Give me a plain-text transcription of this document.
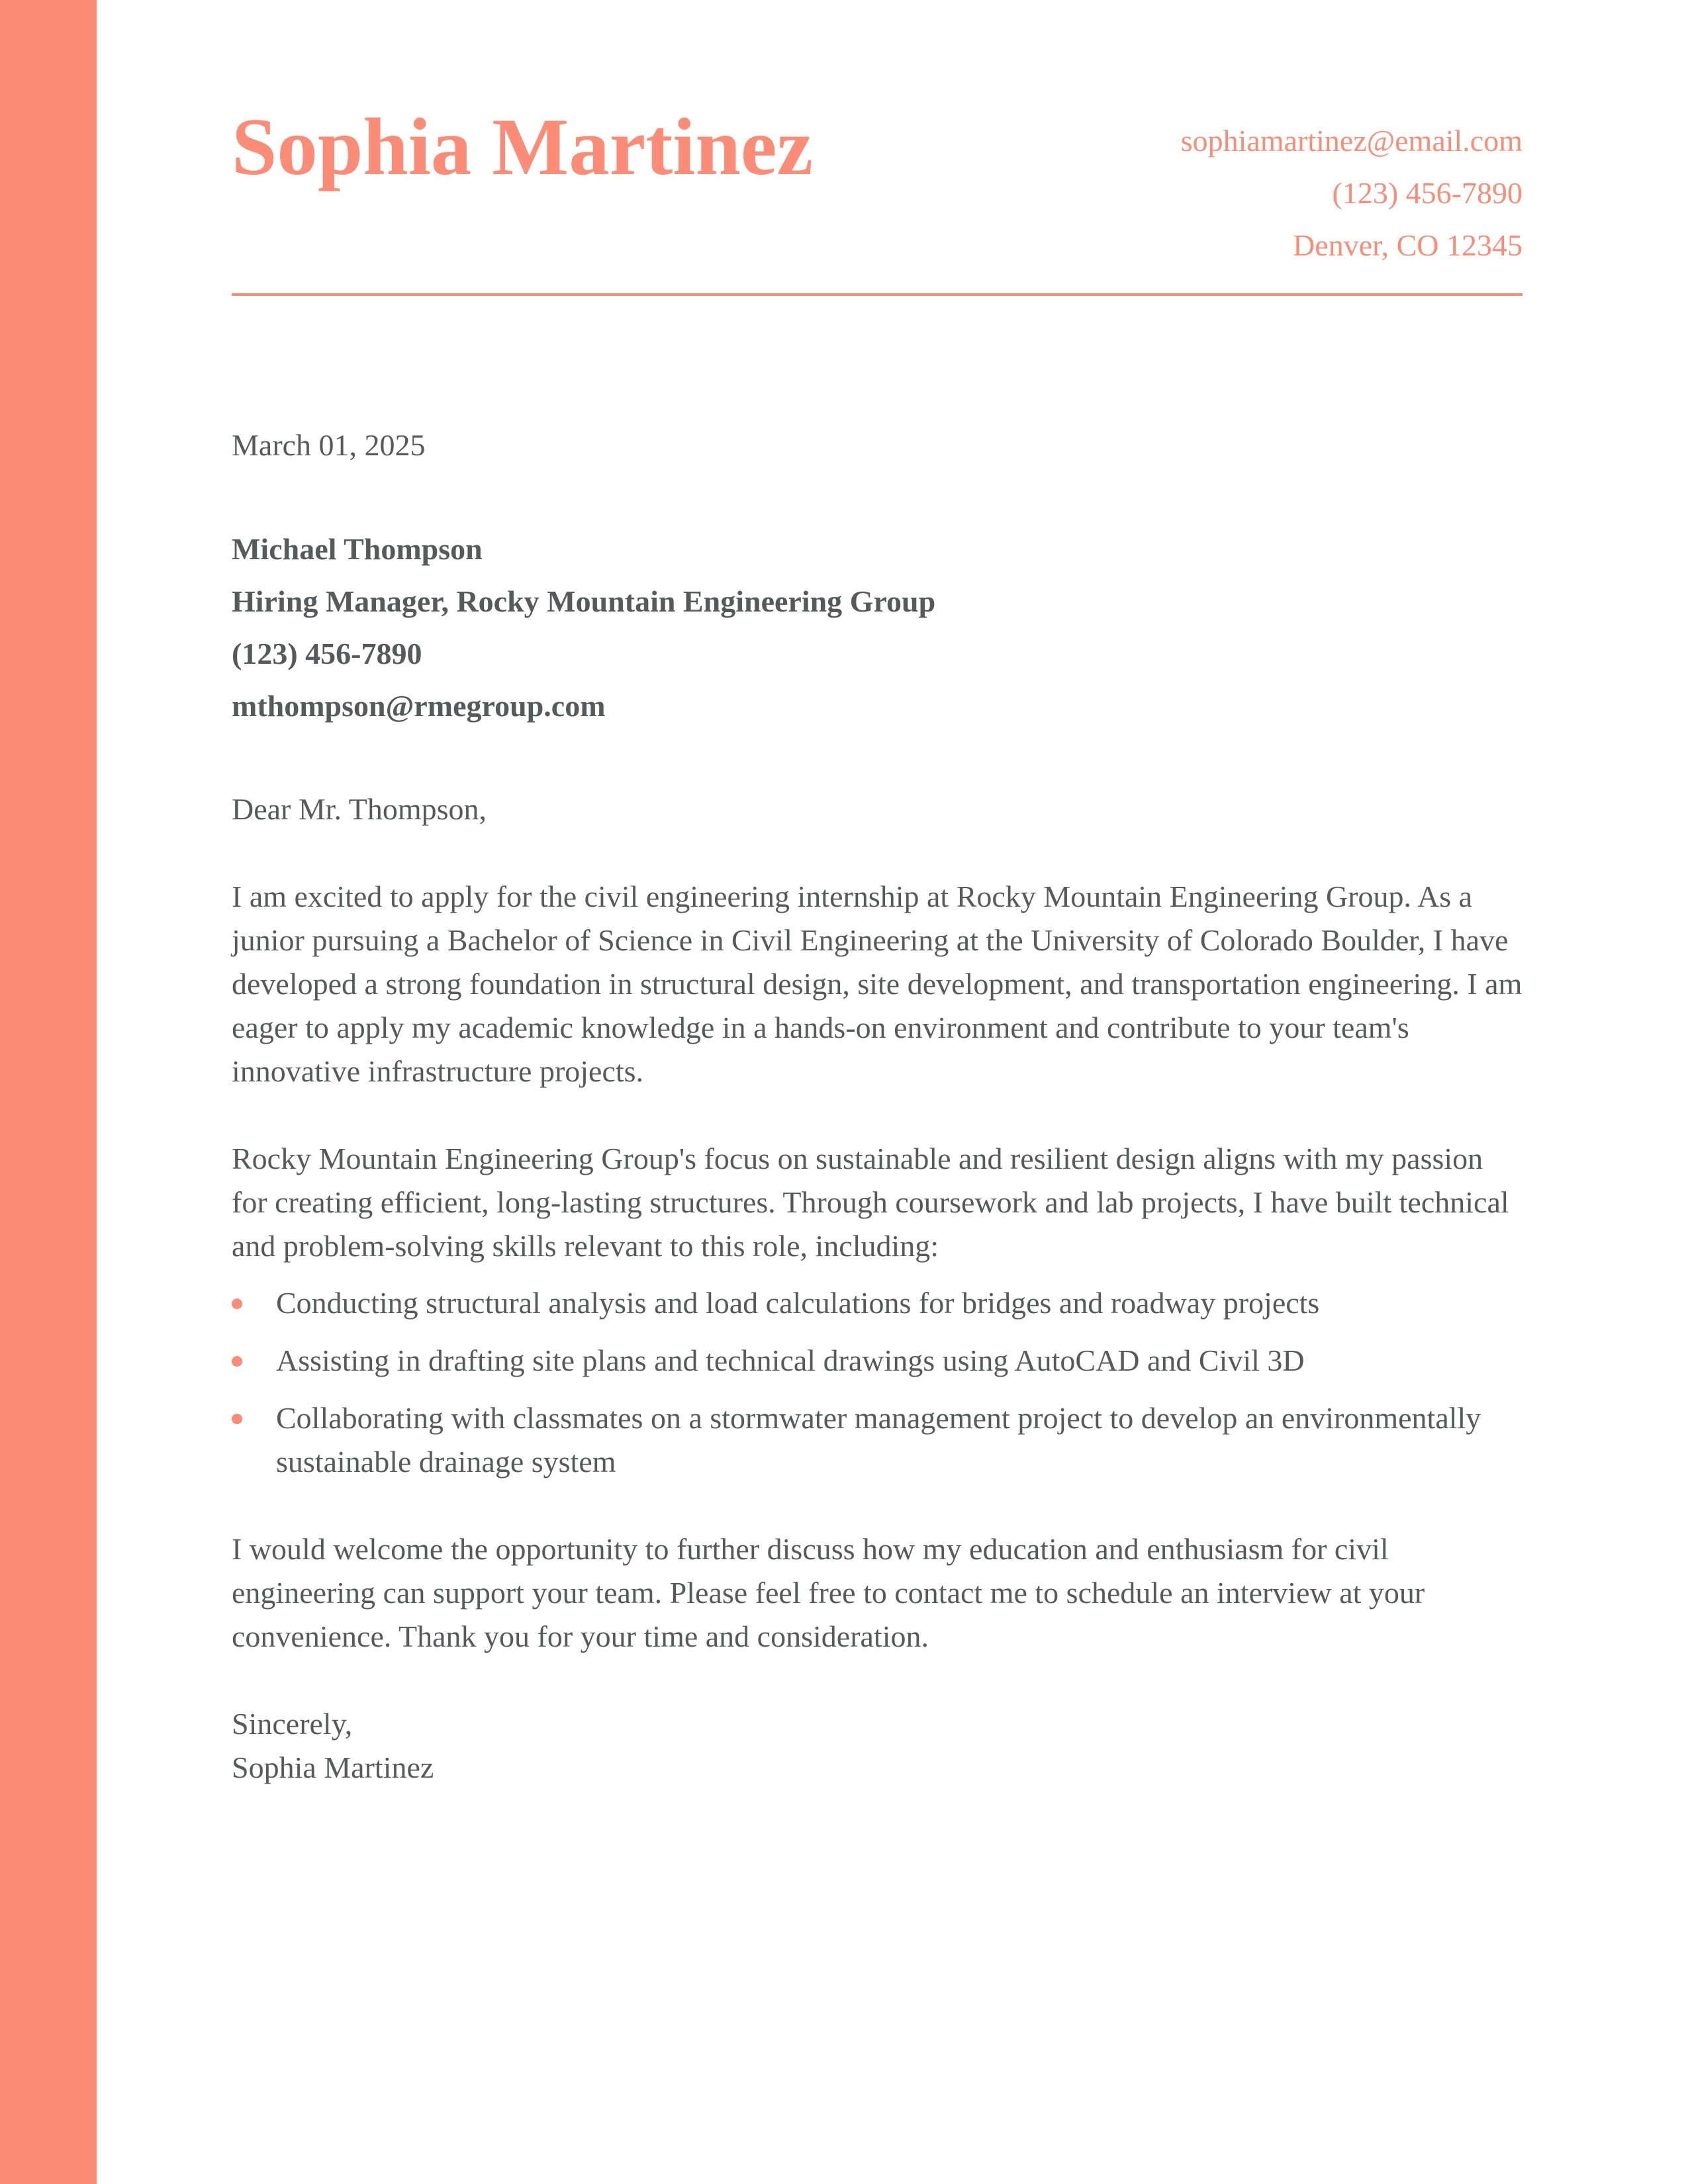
Sophia Martinez	sophiamartinez@email.com
(123) 456-7890
Denver, CO 12345

March 01, 2025

Michael Thompson
Hiring Manager, Rocky Mountain Engineering Group
(123) 456-7890
mthompson@rmegroup.com

Dear Mr. Thompson,

I am excited to apply for the civil engineering internship at Rocky Mountain Engineering Group. As a junior pursuing a Bachelor of Science in Civil Engineering at the University of Colorado Boulder, I have developed a strong foundation in structural design, site development, and transportation engineering. I am eager to apply my academic knowledge in a hands-on environment and contribute to your team's innovative infrastructure projects.

Rocky Mountain Engineering Group's focus on sustainable and resilient design aligns with my passion for creating efficient, long-lasting structures. Through coursework and lab projects, I have built technical and problem-solving skills relevant to this role, including:

Conducting structural analysis and load calculations for bridges and roadway projects
Assisting in drafting site plans and technical drawings using AutoCAD and Civil 3D
Collaborating with classmates on a stormwater management project to develop an environmentally sustainable drainage system

I would welcome the opportunity to further discuss how my education and enthusiasm for civil engineering can support your team. Please feel free to contact me to schedule an interview at your convenience. Thank you for your time and consideration.

Sincerely,
Sophia Martinez
